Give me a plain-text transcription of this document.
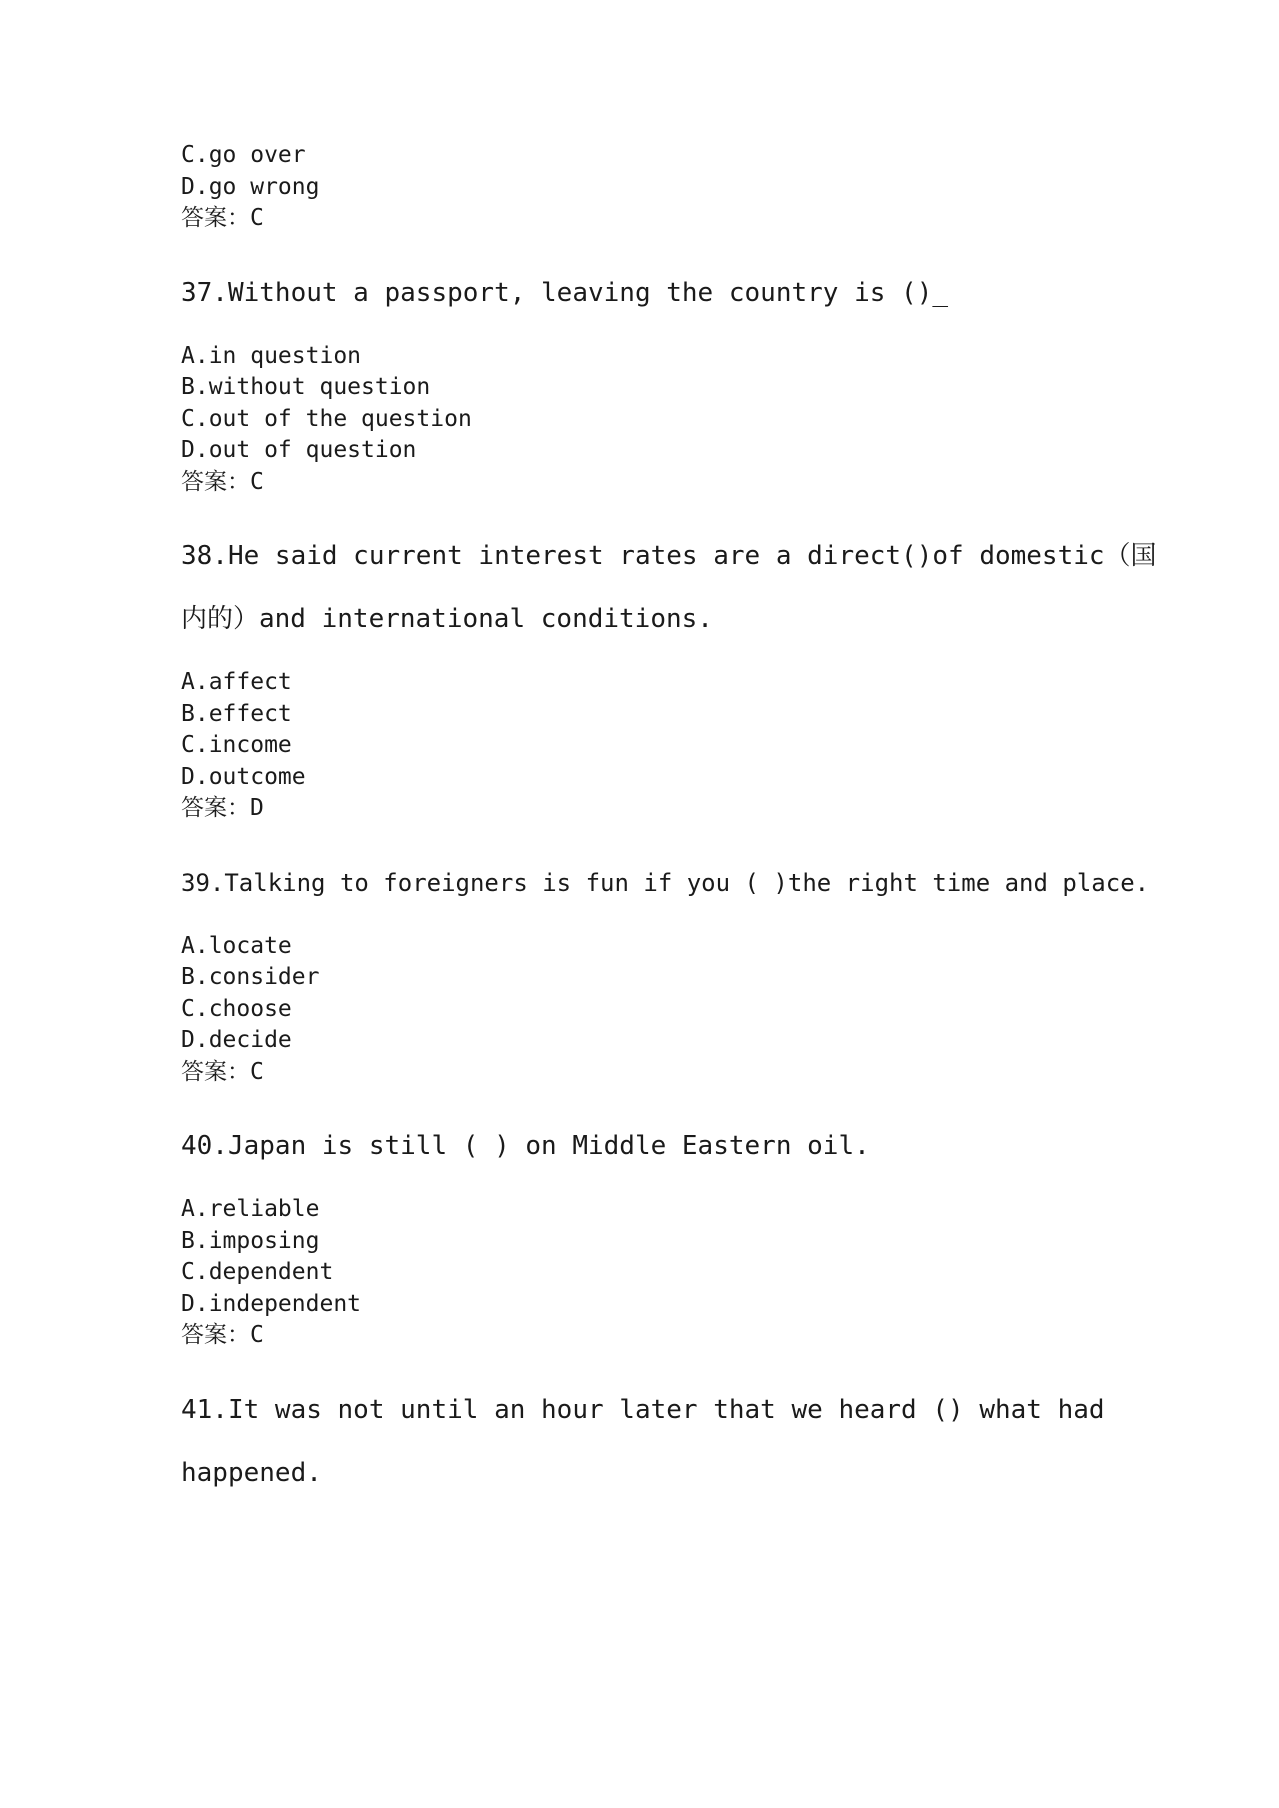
C.go over
D.go wrong
答案：C
37.Without a passport, leaving the country is ()_
A.in question
B.without question
C.out of the question
D.out of question
答案：C
38.He said current interest rates are a direct()of domestic（国
内的）and international conditions.
A.affect
B.effect
C.income
D.outcome
答案：D
39.Talking to foreigners is fun if you ( )the right time and place.
A.locate
B.consider
C.choose
D.decide
答案：C
40.Japan is still ( ) on Middle Eastern oil.
A.reliable
B.imposing
C.dependent
D.independent
答案：C
41.It was not until an hour later that we heard () what had
happened.
